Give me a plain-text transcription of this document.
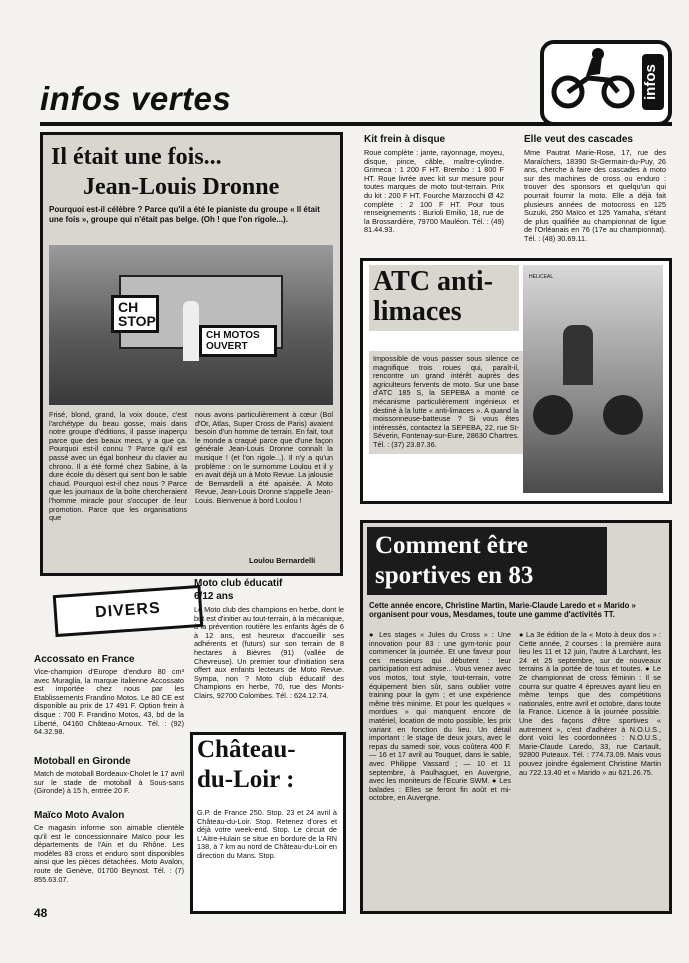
infos vertes	infos
Il était une fois...
Jean-Louis Dronne
Pourquoi est-il célèbre ? Parce qu'il a été le pianiste du groupe « Il était une fois », groupe qui n'était pas belge. (Oh ! que l'on rigole...).
CH STOP
CH MOTOS OUVERT
Frisé, blond, grand, la voix douce, c'est l'archétype du beau gosse, mais dans notre groupe d'éditions, il passe inaperçu parce que des beaux mecs, y a que ça. Pourquoi est-il connu ? Parce qu'il est passé avec un égal bonheur du clavier au chrono. Il a été formé chez Sabine, à la dure école du désert qui sent bon le sable chaud. Pourquoi est-il chez nous ? Parce que les journaux de la boîte chercheraient l'homme miracle pour s'occuper de leur promotion. Parce que les organisations que
nous avons particulièrement à cœur (Bol d'Or, Atlas, Super Cross de Paris) avaient besoin d'un homme de terrain. En fait, tout le monde a craqué parce que d'une façon générale Jean-Louis Dronne connaît la musique ! (et l'on rigole...). Il n'y a qu'un problème : on le surnomme Loulou et il y en avait déjà un à Moto Revue. La jalousie de Bernardelli a été apaisée. A Moto Revue, Jean-Louis Dronne s'appelle Jean-Louis. Bienvenue à bord Loulou !
Loulou Bernardelli
Kit frein à disque
Roue complète : jante, rayonnage, moyeu, disque, pince, câble, maître-cylindre. Grimeca : 1 200 F HT. Brembo : 1 800 F HT. Roue livrée avec kit sur mesure pour toutes marques de moto tout-terrain. Prix du kit : 200 F HT. Fourche Marzocchi Ø 42 complète : 2 100 F HT. Pour tous renseignements : Burioli Emilio, 18, rue de la Brossardière, 79700 Mauléon. Tél. : (49) 81.44.93.
Elle veut des cascades
Mme Pautrat Marie-Rose, 17, rue des Maraîchers, 18390 St-Germain-du-Puy, 26 ans, cherche à faire des cascades à moto sur des machines de cross ou enduro : trouver des sponsors et quelqu'un qui pourrait fournir la moto. Elle a déjà fait plusieurs années de motocross en 125 Suzuki, 250 Maïco et 125 Yamaha, s'étant de plus qualifiée au championnat de ligue de l'Orléanais en 76 (17e au championnat). Tél. : (48) 30.69.11.
ATC anti-
limaces
Impossible de vous passer sous silence ce magnifique trois roues qui, paraît-il, rencontre un grand intérêt auprès des agriculteurs fervents de moto. Sur une base d'ATC 185 S, la SEPEBA a monté ce mécanisme particulièrement ingénieux et destiné à la lutte « anti-limaces ». A quand la moissonneuse-batteuse ? Si vous êtes intéressés, contactez la SEPEBA, 22, rue St-Séverin, Fontenay-sur-Eure, 28630 Chartres. Tél. : (37) 23.87.36.
HELICEAL
Comment être
sportives en 83
Cette année encore, Christine Martin, Marie-Claude Laredo et « Marido » organisent pour vous, Mesdames, toute une gamme d'activités TT.
● Les stages « Jules du Cross » : Une innovation pour 83 : une gym-tonic pour commencer la journée. Et une faveur pour ces messieurs qui débutent : leur participation est admise... Vous venez avec vos motos, tout style, tout-terrain, votre équipement bien sûr, sans oublier votre training pour la gym ; et une expérience même très minime. Et pour les quelques « mordues » qui manquent encore de matériel, location de moto possible, les prix variant en fonction du lieu. Un détail important : le stage de deux jours, avec le repas du samedi soir, vous coûtera 400 F. — 16 et 17 avril au Touquet, dans le sable, avec Philippe Vassard ; — 10 et 11 septembre, à Paulhaguet, en Auvergne, avec les moniteurs de l'Ecurie SWM. ● Les balades : Elles se feront fin août et mi-octobre, en Auvergne.
● La 3e édition de la « Moto à deux dos » : Cette année, 2 courses : la première aura lieu les 11 et 12 juin, l'autre à Larchant, les 24 et 25 septembre, sur de nouveaux terrains à la portée de tous et toutes. ● Le 2e championnat de cross féminin : Il se courra sur quatre 4 épreuves ayant lieu en même temps que des compétitions nationales, entre avril et octobre, dans toute la France. Licence à la journée possible. Une des façons d'être sportives « autrement », c'est d'adhérer à N.O.U.S., dont voici les coordonnées : N.O.U.S., Marie-Claude Laredo, 33, rue Cartault, 92800 Puteaux. Tél. : 774.73.09. Mais vous pouvez joindre également Christine Martin au 722.13.40 et « Marido » au 621.26.75.
DIVERS
Accossato en France
Vice-champion d'Europe d'enduro 80 cm³ avec Muraglia, la marque italienne Accossato est importée chez nous par les Etablissements Frandino Motos. Le 80 CE est disponible au prix de 17 491 F. Option frein à disque : 700 F. Frandino Motos, 43, bd de la Liberté, 04160 Château-Arnoux. Tél. : (92) 64.32.98.
Motoball en Gironde
Match de motoball Bordeaux-Cholet le 17 avril sur le stade de motoball à Sous-sans (Gironde) à 15 h, entrée 20 F.
Maïco Moto Avalon
Ce magasin informe son aimable clientèle qu'il est le concessionnaire Maïco pour les départements de l'Ain et du Rhône. Les modèles 83 cross et enduro sont disponibles ainsi que les pièces détachées. Moto Avalon, route de Genève, 01700 Beynost. Tél. : (7) 855.63.07.
Moto club éducatif
6/12 ans
Le Moto club des champions en herbe, dont le but est d'initier au tout-terrain, à la mécanique, à la prévention routière les enfants âgés de 6 à 12 ans, est heureux d'accueillir ses adhérents et (futurs) sur son terrain de 8 hectares à Bièvres (91) (vallée de Chevreuse). Un premier tour d'initiation sera offert aux enfants lecteurs de Moto Revue. Sympa, non ? Moto club éducatif des Champions en herbe, 70, rue des Monts-Clairs, 92700 Colombes. Tél. : 624.12.74.
Château-
du-Loir :
G.P. de France 250. Stop. 23 et 24 avril à Château-du-Loir. Stop. Retenez d'ores et déjà votre week-end. Stop. Le circuit de L'Aitre-Hulain se situe en bordure de la RN 138, à 7 km au nord de Château-du-Loir en direction du Mans. Stop.
48
